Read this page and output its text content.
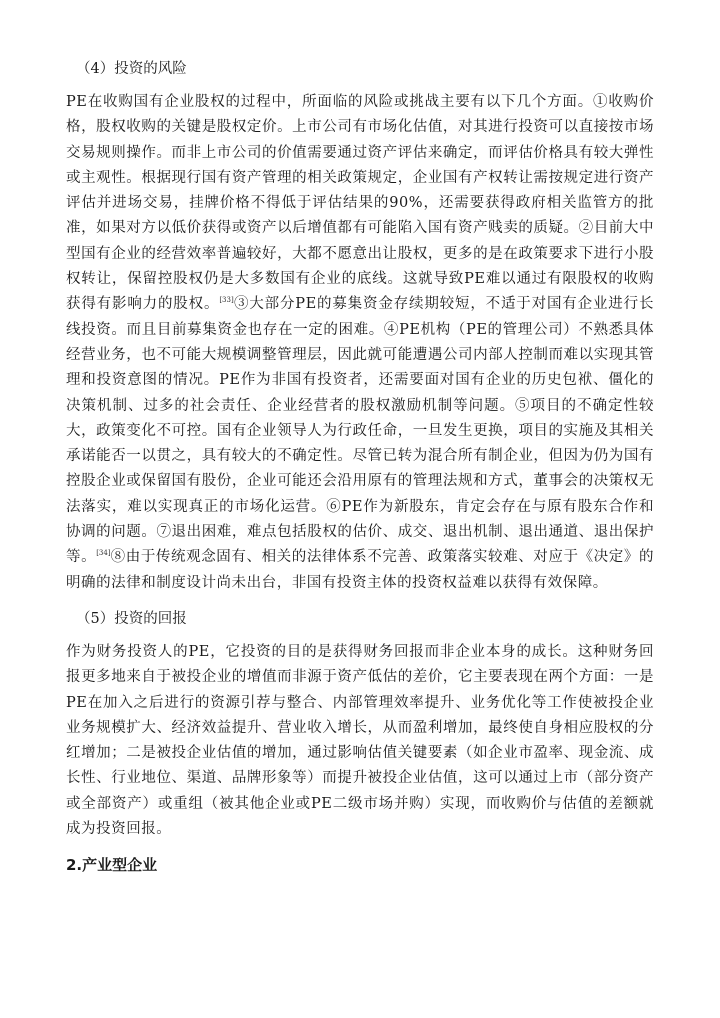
（4）投资的风险

PE在收购国有企业股权的过程中，所面临的风险或挑战主要有以下几个方面。①收购价格，股权收购的关键是股权定价。上市公司有市场化估值，对其进行投资可以直接按市场交易规则操作。而非上市公司的价值需要通过资产评估来确定，而评估价格具有较大弹性或主观性。根据现行国有资产管理的相关政策规定，企业国有产权转让需按规定进行资产评估并进场交易，挂牌价格不得低于评估结果的90%，还需要获得政府相关监管方的批准，如果对方以低价获得或资产以后增值都有可能陷入国有资产贱卖的质疑。②目前大中型国有企业的经营效率普遍较好，大都不愿意出让股权，更多的是在政策要求下进行小股权转让，保留控股权仍是大多数国有企业的底线。这就导致PE难以通过有限股权的收购获得有影响力的股权。[33]③大部分PE的募集资金存续期较短，不适于对国有企业进行长线投资。而且目前募集资金也存在一定的困难。④PE机构（PE的管理公司）不熟悉具体经营业务，也不可能大规模调整管理层，因此就可能遭遇公司内部人控制而难以实现其管理和投资意图的情况。PE作为非国有投资者，还需要面对国有企业的历史包袱、僵化的决策机制、过多的社会责任、企业经营者的股权激励机制等问题。⑤项目的不确定性较大，政策变化不可控。国有企业领导人为行政任命，一旦发生更换，项目的实施及其相关承诺能否一以贯之，具有较大的不确定性。尽管已转为混合所有制企业，但因为仍为国有控股企业或保留国有股份，企业可能还会沿用原有的管理法规和方式，董事会的决策权无法落实，难以实现真正的市场化运营。⑥PE作为新股东，肯定会存在与原有股东合作和协调的问题。⑦退出困难，难点包括股权的估价、成交、退出机制、退出通道、退出保护等。[34]⑧由于传统观念固有、相关的法律体系不完善、政策落实较难、对应于《决定》的明确的法律和制度设计尚未出台，非国有投资主体的投资权益难以获得有效保障。

（5）投资的回报

作为财务投资人的PE，它投资的目的是获得财务回报而非企业本身的成长。这种财务回报更多地来自于被投企业的增值而非源于资产低估的差价，它主要表现在两个方面：一是PE在加入之后进行的资源引荐与整合、内部管理效率提升、业务优化等工作使被投企业业务规模扩大、经济效益提升、营业收入增长，从而盈利增加，最终使自身相应股权的分红增加；二是被投企业估值的增加，通过影响估值关键要素（如企业市盈率、现金流、成长性、行业地位、渠道、品牌形象等）而提升被投企业估值，这可以通过上市（部分资产或全部资产）或重组（被其他企业或PE二级市场并购）实现，而收购价与估值的差额就成为投资回报。

2.产业型企业
